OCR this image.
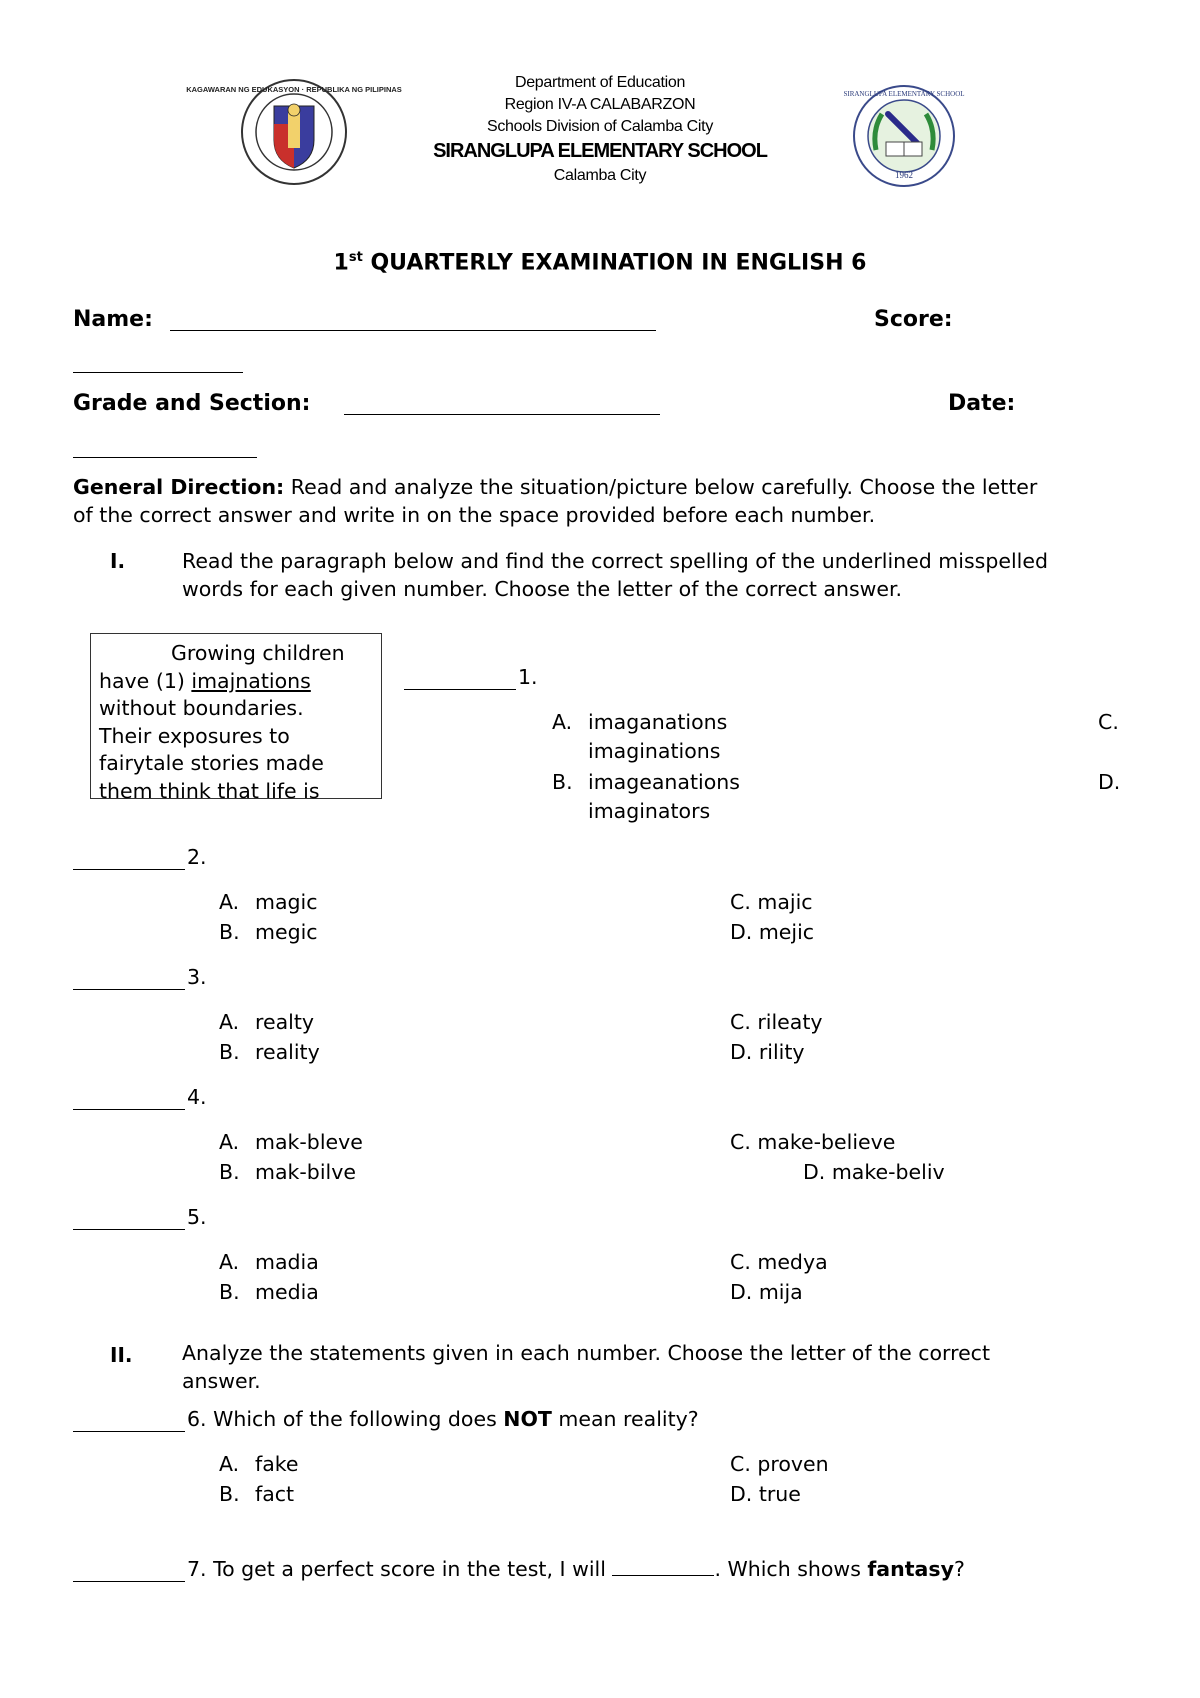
KAGAWARAN NG EDUKASYON · REPUBLIKA NG PILIPINAS	SIRANGLUPA ELEMENTARY SCHOOL
1962
Department of Education
Region IV-A CALABARZON
Schools Division of Calamba City
SIRANGLUPA ELEMENTARY SCHOOL
Calamba City
1st QUARTERLY EXAMINATION IN ENGLISH 6
Name:	Score:
Grade and Section:	Date:
General Direction: Read and analyze the situation/picture below carefully. Choose the letter
of the correct answer and write in on the space provided before each number.
I.	Read the paragraph below and find the correct spelling of the underlined misspelled
words for each given number. Choose the letter of the correct answer.
Growing children
have (1) imajnations
without boundaries.
Their exposures to
fairytale stories made
them think that life is
1.
A. imaganations	C.
imaginations
B. imageanations	D.
imaginators
2.
A. magic
B. megic
C. majic
D. mejic
3.
A. realty
B. reality
C. rileaty
D. rility
4.
A. mak-bleve
B. mak-bilve
C. make-believe
D. make-beliv
5.
A. madia
B. media
C. medya
D. mija
II. Analyze the statements given in each number. Choose the letter of the correct
answer.
6. Which of the following does NOT mean reality?
A. fake
B. fact
C. proven
D. true
7. To get a perfect score in the test, I will	. Which shows fantasy?
